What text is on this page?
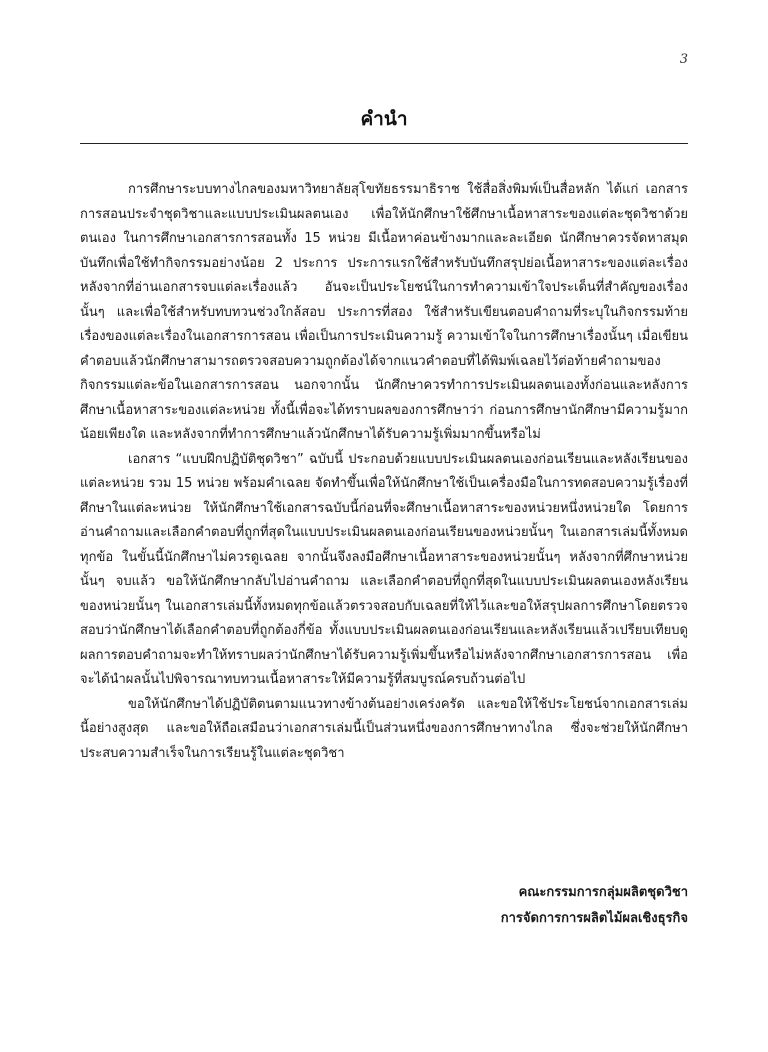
3
คำนำ

การศึกษาระบบทางไกลของมหาวิทยาลัยสุโขทัยธรรมาธิราช ใช้สื่อสิ่งพิมพ์เป็นสื่อหลัก ได้แก่ เอกสารการสอนประจำชุดวิชาและแบบประเมินผลตนเอง เพื่อให้นักศึกษาใช้ศึกษาเนื้อหาสาระของแต่ละชุดวิชาด้วยตนเอง ในการศึกษาเอกสารการสอนทั้ง 15 หน่วย มีเนื้อหาค่อนข้างมากและละเอียด นักศึกษาควรจัดหาสมุดบันทึกเพื่อใช้ทำกิจกรรมอย่างน้อย 2 ประการ ประการแรกใช้สำหรับบันทึกสรุปย่อเนื้อหาสาระของแต่ละเรื่อง หลังจากที่อ่านเอกสารจบแต่ละเรื่องแล้ว อันจะเป็นประโยชน์ในการทำความเข้าใจประเด็นที่สำคัญของเรื่องนั้นๆ และเพื่อใช้สำหรับทบทวนช่วงใกล้สอบ ประการที่สอง ใช้สำหรับเขียนตอบคำถามที่ระบุในกิจกรรมท้ายเรื่องของแต่ละเรื่องในเอกสารการสอน เพื่อเป็นการประเมินความรู้ ความเข้าใจในการศึกษาเรื่องนั้นๆ เมื่อเขียนคำตอบแล้วนักศึกษาสามารถตรวจสอบความถูกต้องได้จากแนวคำตอบที่ได้พิมพ์เฉลยไว้ต่อท้ายคำถามของกิจกรรมแต่ละข้อในเอกสารการสอน นอกจากนั้น นักศึกษาควรทำการประเมินผลตนเองทั้งก่อนและหลังการศึกษาเนื้อหาสาระของแต่ละหน่วย ทั้งนี้เพื่อจะได้ทราบผลของการศึกษาว่า ก่อนการศึกษานักศึกษามีความรู้มากน้อยเพียงใด และหลังจากที่ทำการศึกษาแล้วนักศึกษาได้รับความรู้เพิ่มมากขึ้นหรือไม่

เอกสาร “แบบฝึกปฏิบัติชุดวิชา” ฉบับนี้ ประกอบด้วยแบบประเมินผลตนเองก่อนเรียนและหลังเรียนของแต่ละหน่วย รวม 15 หน่วย พร้อมคำเฉลย จัดทำขึ้นเพื่อให้นักศึกษาใช้เป็นเครื่องมือในการทดสอบความรู้เรื่องที่ศึกษาในแต่ละหน่วย ให้นักศึกษาใช้เอกสารฉบับนี้ก่อนที่จะศึกษาเนื้อหาสาระของหน่วยหนึ่งหน่วยใด โดยการอ่านคำถามและเลือกคำตอบที่ถูกที่สุดในแบบประเมินผลตนเองก่อนเรียนของหน่วยนั้นๆ ในเอกสารเล่มนี้ทั้งหมดทุกข้อ ในขั้นนี้นักศึกษาไม่ควรดูเฉลย จากนั้นจึงลงมือศึกษาเนื้อหาสาระของหน่วยนั้นๆ หลังจากที่ศึกษาหน่วยนั้นๆ จบแล้ว ขอให้นักศึกษากลับไปอ่านคำถาม และเลือกคำตอบที่ถูกที่สุดในแบบประเมินผลตนเองหลังเรียนของหน่วยนั้นๆ ในเอกสารเล่มนี้ทั้งหมดทุกข้อแล้วตรวจสอบกับเฉลยที่ให้ไว้และขอให้สรุปผลการศึกษาโดยตรวจสอบว่านักศึกษาได้เลือกคำตอบที่ถูกต้องกี่ข้อ ทั้งแบบประเมินผลตนเองก่อนเรียนและหลังเรียนแล้วเปรียบเทียบดูผลการตอบคำถามจะทำให้ทราบผลว่านักศึกษาได้รับความรู้เพิ่มขึ้นหรือไม่หลังจากศึกษาเอกสารการสอน เพื่อจะได้นำผลนั้นไปพิจารณาทบทวนเนื้อหาสาระให้มีความรู้ที่สมบูรณ์ครบถ้วนต่อไป

ขอให้นักศึกษาได้ปฏิบัติตนตามแนวทางข้างต้นอย่างเคร่งครัด และขอให้ใช้ประโยชน์จากเอกสารเล่มนี้อย่างสูงสุด และขอให้ถือเสมือนว่าเอกสารเล่มนี้เป็นส่วนหนึ่งของการศึกษาทางไกล ซึ่งจะช่วยให้นักศึกษาประสบความสำเร็จในการเรียนรู้ในแต่ละชุดวิชา

คณะกรรมการกลุ่มผลิตชุดวิชา
การจัดการการผลิตไม้ผลเชิงธุรกิจ
